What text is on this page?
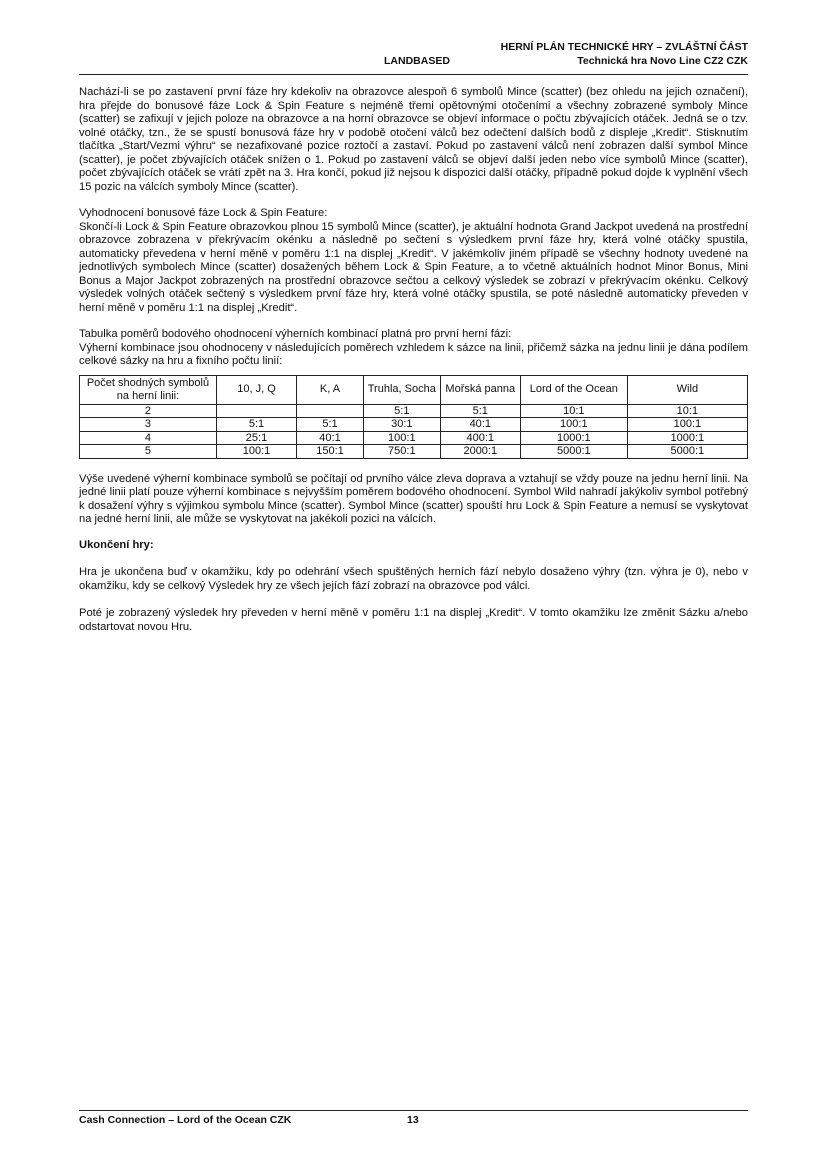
LANDBASED
HERNÍ PLÁN TECHNICKÉ HRY – ZVLÁŠTNÍ ČÁST
Technická hra Novo Line CZ2 CZK

Nachází-li se po zastavení první fáze hry kdekoliv na obrazovce alespoň 6 symbolů Mince (scatter) (bez ohledu na jejich označení), hra přejde do bonusové fáze Lock & Spin Feature s nejméně třemi opětovnými otočeními a všechny zobrazené symboly Mince (scatter) se zafixují v jejich poloze na obrazovce a na horní obrazovce se objeví informace o počtu zbývajících otáček. Jedná se o tzv. volné otáčky, tzn., že se spustí bonusová fáze hry v podobě otočení válců bez odečtení dalších bodů z displeje „Kredit“. Stisknutím tlačítka „Start/Vezmi výhru“ se nezafixované pozice roztočí a zastaví. Pokud po zastavení válců není zobrazen další symbol Mince (scatter), je počet zbývajících otáček snížen o 1. Pokud po zastavení válců se objeví další jeden nebo více symbolů Mince (scatter), počet zbývajících otáček se vrátí zpět na 3. Hra končí, pokud již nejsou k dispozici další otáčky, případně pokud dojde k vyplnění všech 15 pozic na válcích symboly Mince (scatter).

Vyhodnocení bonusové fáze Lock & Spin Feature:
Skončí-li Lock & Spin Feature obrazovkou plnou 15 symbolů Mince (scatter), je aktuální hodnota Grand Jackpot uvedená na prostřední obrazovce zobrazena v překrývacím okénku a následně po sečtení s výsledkem první fáze hry, která volné otáčky spustila, automaticky převedena v herní měně v poměru 1:1 na displej „Kredit“. V jakémkoliv jiném případě se všechny hodnoty uvedené na jednotlivých symbolech Mince (scatter) dosažených během Lock & Spin Feature, a to včetně aktuálních hodnot Minor Bonus, Mini Bonus a Major Jackpot zobrazených na prostřední obrazovce sečtou a celkový výsledek se zobrazí v překrývacím okénku. Celkový výsledek volných otáček sečtený s výsledkem první fáze hry, která volné otáčky spustila, se poté následně automaticky převeden v herní měně v poměru 1:1 na displej „Kredit“.

Tabulka poměrů bodového ohodnocení výherních kombinací platná pro první herní fázi:
Výherní kombinace jsou ohodnoceny v následujících poměrech vzhledem k sázce na linii, přičemž sázka na jednu linii je dána podílem celkové sázky na hru a fixního počtu linií:

Počet shodných symbolů na herní linii:	10, J, Q	K, A	Truhla, Socha	Mořská panna	Lord of the Ocean	Wild
2			5:1	5:1	10:1	10:1
3	5:1	5:1	30:1	40:1	100:1	100:1
4	25:1	40:1	100:1	400:1	1000:1	1000:1
5	100:1	150:1	750:1	2000:1	5000:1	5000:1

Výše uvedené výherní kombinace symbolů se počítají od prvního válce zleva doprava a vztahují se vždy pouze na jednu herní linii. Na jedné linii platí pouze výherní kombinace s nejvyšším poměrem bodového ohodnocení. Symbol Wild nahradí jakýkoliv symbol potřebný k dosažení výhry s výjimkou symbolu Mince (scatter). Symbol Mince (scatter) spouští hru Lock & Spin Feature a nemusí se vyskytovat na jedné herní linii, ale může se vyskytovat na jakékoli pozici na válcích.

Ukončení hry:

Hra je ukončena buď v okamžiku, kdy po odehrání všech spuštěných herních fází nebylo dosaženo výhry (tzn. výhra je 0), nebo v okamžiku, kdy se celkový Výsledek hry ze všech jejích fází zobrazí na obrazovce pod válci.

Poté je zobrazený výsledek hry převeden v herní měně v poměru 1:1 na displej „Kredit“. V tomto okamžiku lze změnit Sázku a/nebo odstartovat novou Hru.

Cash Connection – Lord of the Ocean CZK	13
